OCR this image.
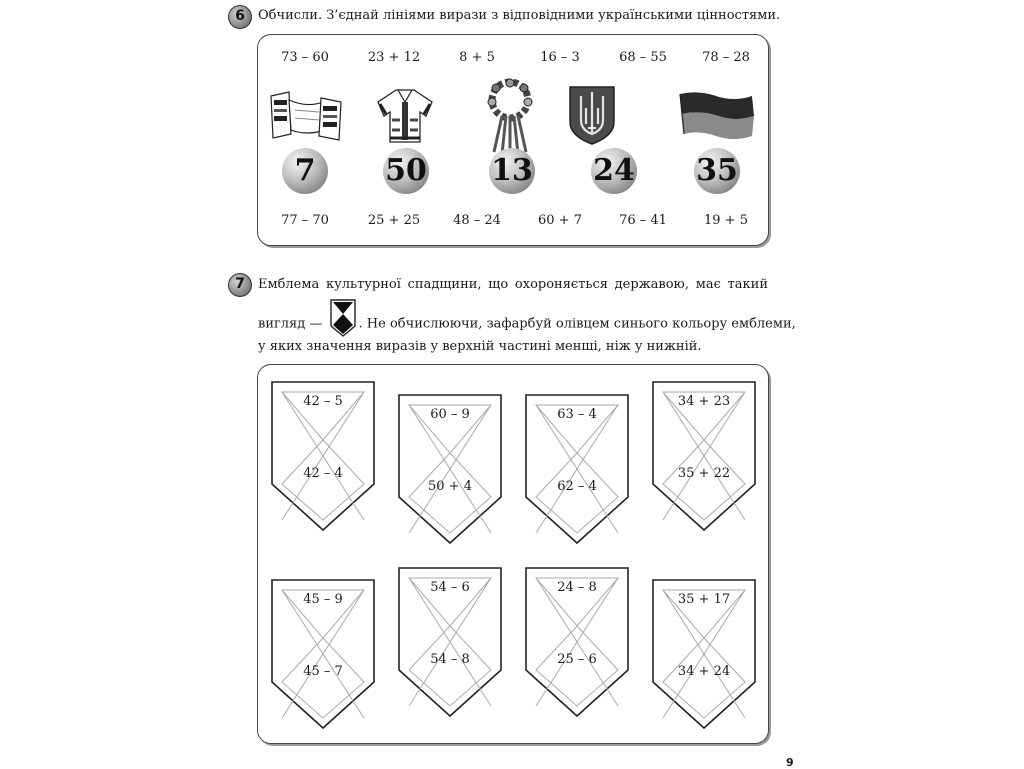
6	Обчисли. З’єднай лініями вирази з відповідними українськими цінностями.
73 – 60	23 + 12	8 + 5	16 – 3	68 – 55	78 – 28
7	50 13 24 35
77 – 70	25 + 25	48 – 24	60 + 7	76 – 41	19 + 5
7	Емблема культурної спадщини, що охороняється державою, має такий
вигляд —	. Не обчислюючи, зафарбуй олівцем синього кольору емблеми,
у яких значення виразів у верхній частині менші, ніж у нижній.
42 – 5
42 – 4
60 – 9
50 + 4
63 – 4
62 – 4
34 + 23
35 + 22
45 – 9
45 – 7
54 – 6
54 – 8
24 – 8
25 – 6
35 + 17
34 + 24
9
